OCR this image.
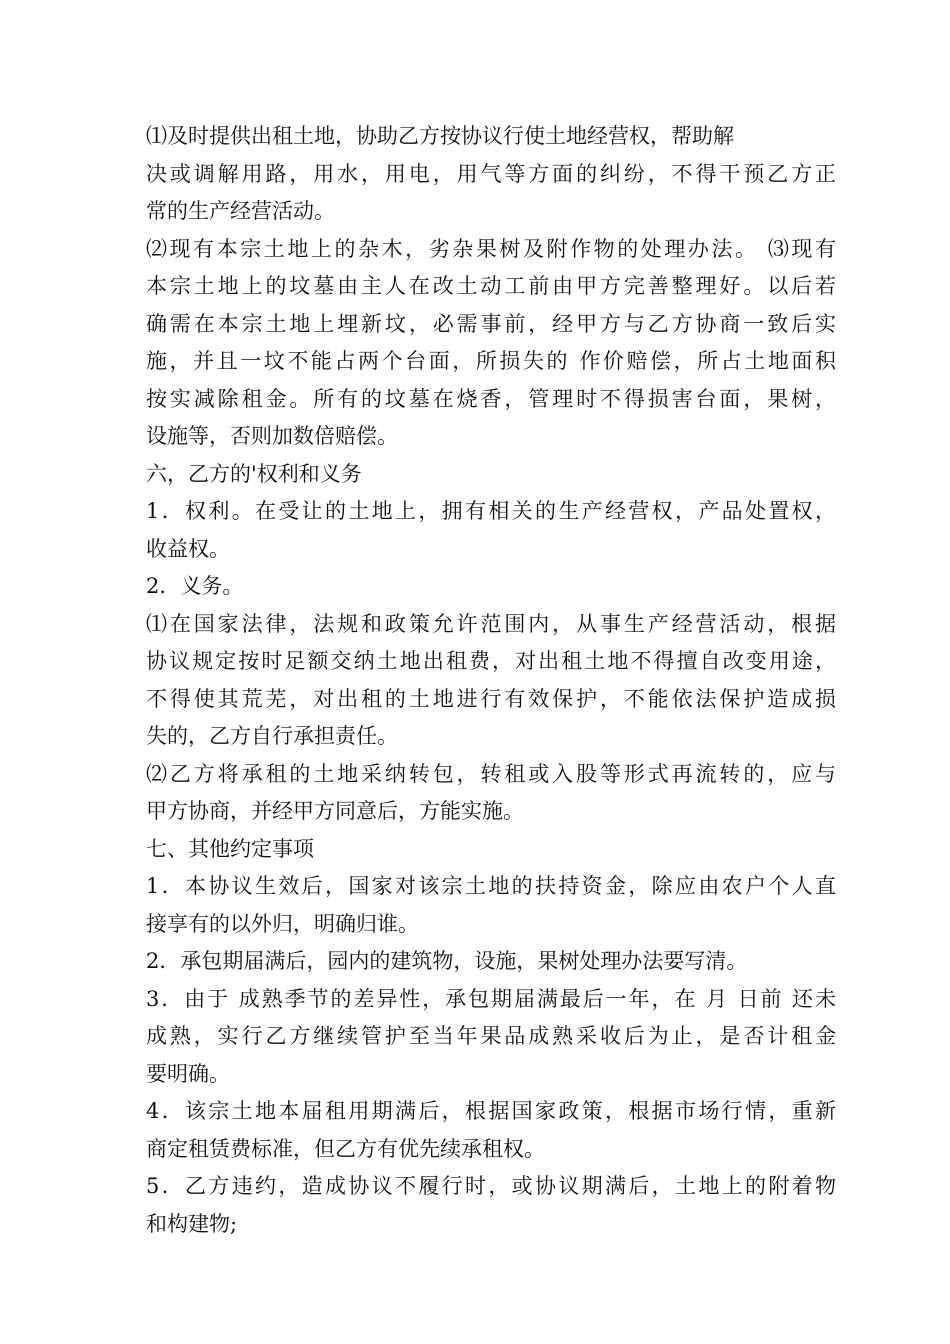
⑴及时提供出租土地，协助乙方按协议行使土地经营权，帮助解
决或调解用路，用水，用电，用气等方面的纠纷，不得干预乙方正
常的生产经营活动。
⑵现有本宗土地上的杂木，劣杂果树及附作物的处理办法。 ⑶现有
本宗土地上的坟墓由主人在改土动工前由甲方完善整理好。以后若
确需在本宗土地上埋新坟，必需事前，经甲方与乙方协商一致后实
施，并且一坟不能占两个台面，所损失的 作价赔偿，所占土地面积
按实减除租金。所有的坟墓在烧香，管理时不得损害台面，果树，
设施等，否则加数倍赔偿。
六，乙方的'权利和义务
1．权利。在受让的土地上，拥有相关的生产经营权，产品处置权，
收益权。
2．义务。
⑴在国家法律，法规和政策允许范围内，从事生产经营活动，根据
协议规定按时足额交纳土地出租费，对出租土地不得擅自改变用途，
不得使其荒芜，对出租的土地进行有效保护，不能依法保护造成损
失的，乙方自行承担责任。
⑵乙方将承租的土地采纳转包，转租或入股等形式再流转的，应与
甲方协商，并经甲方同意后，方能实施。
七、其他约定事项
1．本协议生效后，国家对该宗土地的扶持资金，除应由农户个人直
接享有的以外归，明确归谁。
2．承包期届满后，园内的建筑物，设施，果树处理办法要写清。
3．由于 成熟季节的差异性，承包期届满最后一年，在 月 日前 还未
成熟，实行乙方继续管护至当年果品成熟采收后为止，是否计租金
要明确。
4．该宗土地本届租用期满后，根据国家政策，根据市场行情，重新
商定租赁费标准，但乙方有优先续承租权。
5．乙方违约，造成协议不履行时，或协议期满后，土地上的附着物
和构建物;
